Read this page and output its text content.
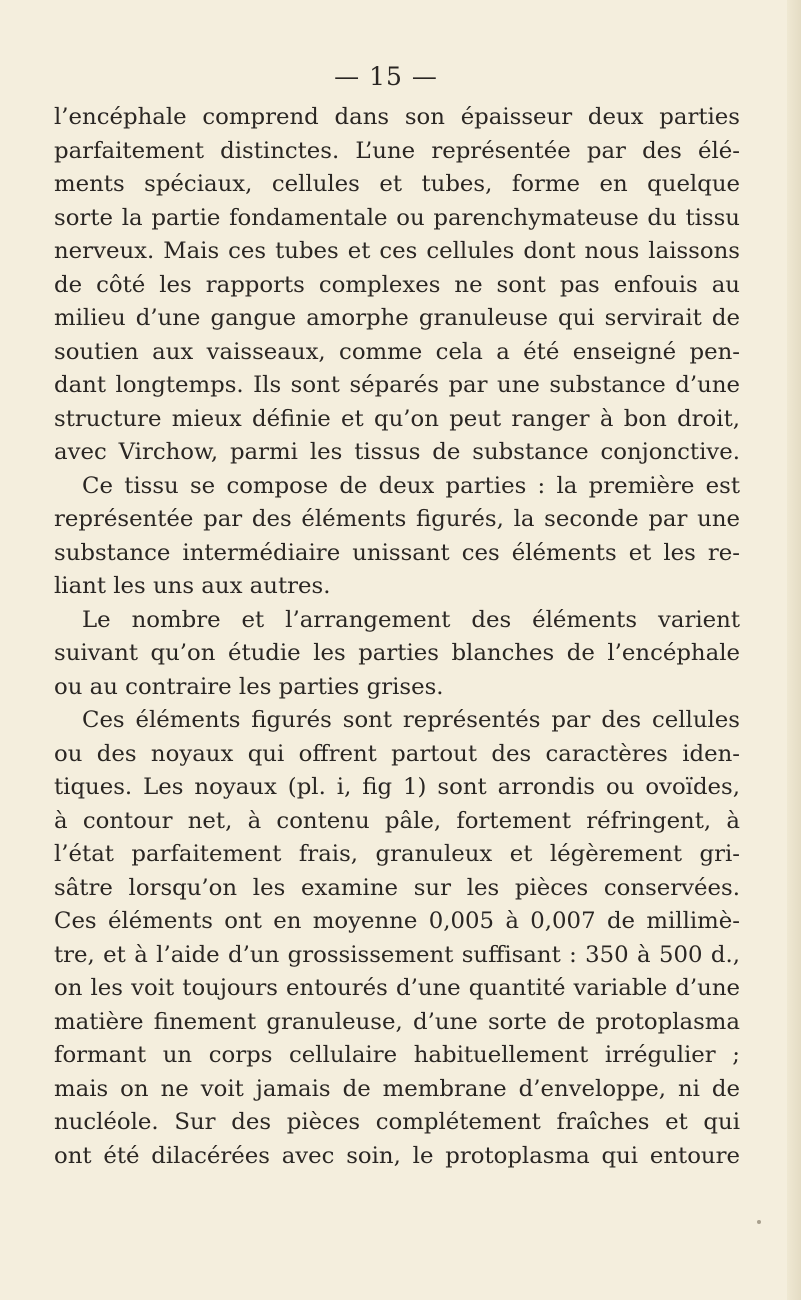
— 15 —
l’encéphale comprend dans son épaisseur deux parties
parfaitement distinctes. L’une représentée par des élé-
ments spéciaux, cellules et tubes, forme en quelque
sorte la partie fondamentale ou parenchymateuse du tissu
nerveux. Mais ces tubes et ces cellules dont nous laissons
de côté les rapports complexes ne sont pas enfouis au
milieu d’une gangue amorphe granuleuse qui servirait de
soutien aux vaisseaux, comme cela a été enseigné pen-
dant longtemps. Ils sont séparés par une substance d’une
structure mieux définie et qu’on peut ranger à bon droit,
avec Virchow, parmi les tissus de substance conjonctive.
Ce tissu se compose de deux parties : la première est
représentée par des éléments figurés, la seconde par une
substance intermédiaire unissant ces éléments et les re-
liant les uns aux autres.
Le nombre et l’arrangement des éléments varient
suivant qu’on étudie les parties blanches de l’encéphale
ou au contraire les parties grises.
Ces éléments figurés sont représentés par des cellules
ou des noyaux qui offrent partout des caractères iden-
tiques. Les noyaux (pl. i, fig 1) sont arrondis ou ovoïdes,
à contour net, à contenu pâle, fortement réfringent, à
l’état parfaitement frais, granuleux et légèrement gri-
sâtre lorsqu’on les examine sur les pièces conservées.
Ces éléments ont en moyenne 0,005 à 0,007 de millimè-
tre, et à l’aide d’un grossissement suffisant : 350 à 500 d.,
on les voit toujours entourés d’une quantité variable d’une
matière finement granuleuse, d’une sorte de protoplasma
formant un corps cellulaire habituellement irrégulier ;
mais on ne voit jamais de membrane d’enveloppe, ni de
nucléole. Sur des pièces complétement fraîches et qui
ont été dilacérées avec soin, le protoplasma qui entoure
